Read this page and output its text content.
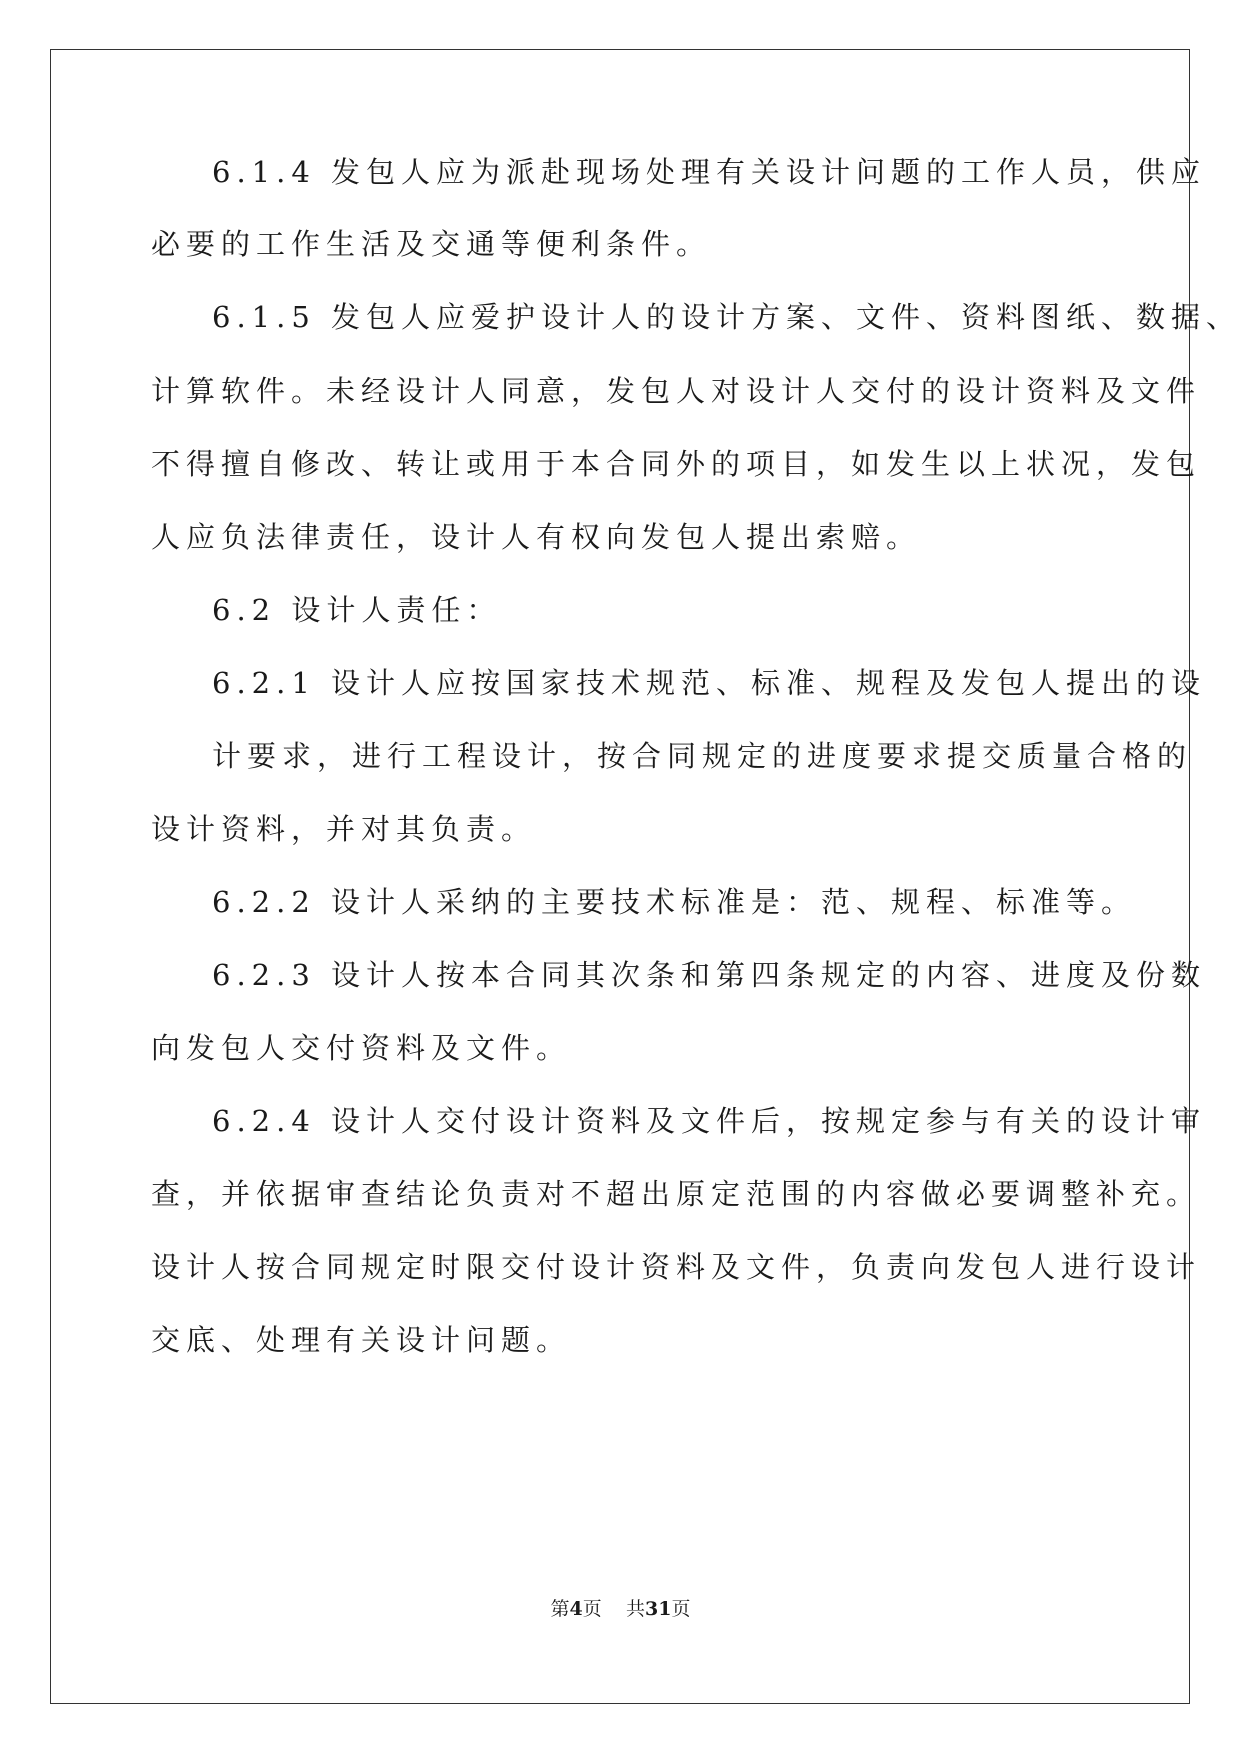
6.1.4 发包人应为派赴现场处理有关设计问题的工作人员，供应
必要的工作生活及交通等便利条件。
6.1.5 发包人应爱护设计人的设计方案、文件、资料图纸、数据、
计算软件。未经设计人同意，发包人对设计人交付的设计资料及文件
不得擅自修改、转让或用于本合同外的项目，如发生以上状况，发包
人应负法律责任，设计人有权向发包人提出索赔。
6.2 设计人责任：
6.2.1 设计人应按国家技术规范、标准、规程及发包人提出的设
计要求，进行工程设计，按合同规定的进度要求提交质量合格的
设计资料，并对其负责。
6.2.2 设计人采纳的主要技术标准是：范、规程、标准等。
6.2.3 设计人按本合同其次条和第四条规定的内容、进度及份数
向发包人交付资料及文件。
6.2.4 设计人交付设计资料及文件后，按规定参与有关的设计审
查，并依据审查结论负责对不超出原定范围的内容做必要调整补充。
设计人按合同规定时限交付设计资料及文件，负责向发包人进行设计
交底、处理有关设计问题。
第4页 共31页
